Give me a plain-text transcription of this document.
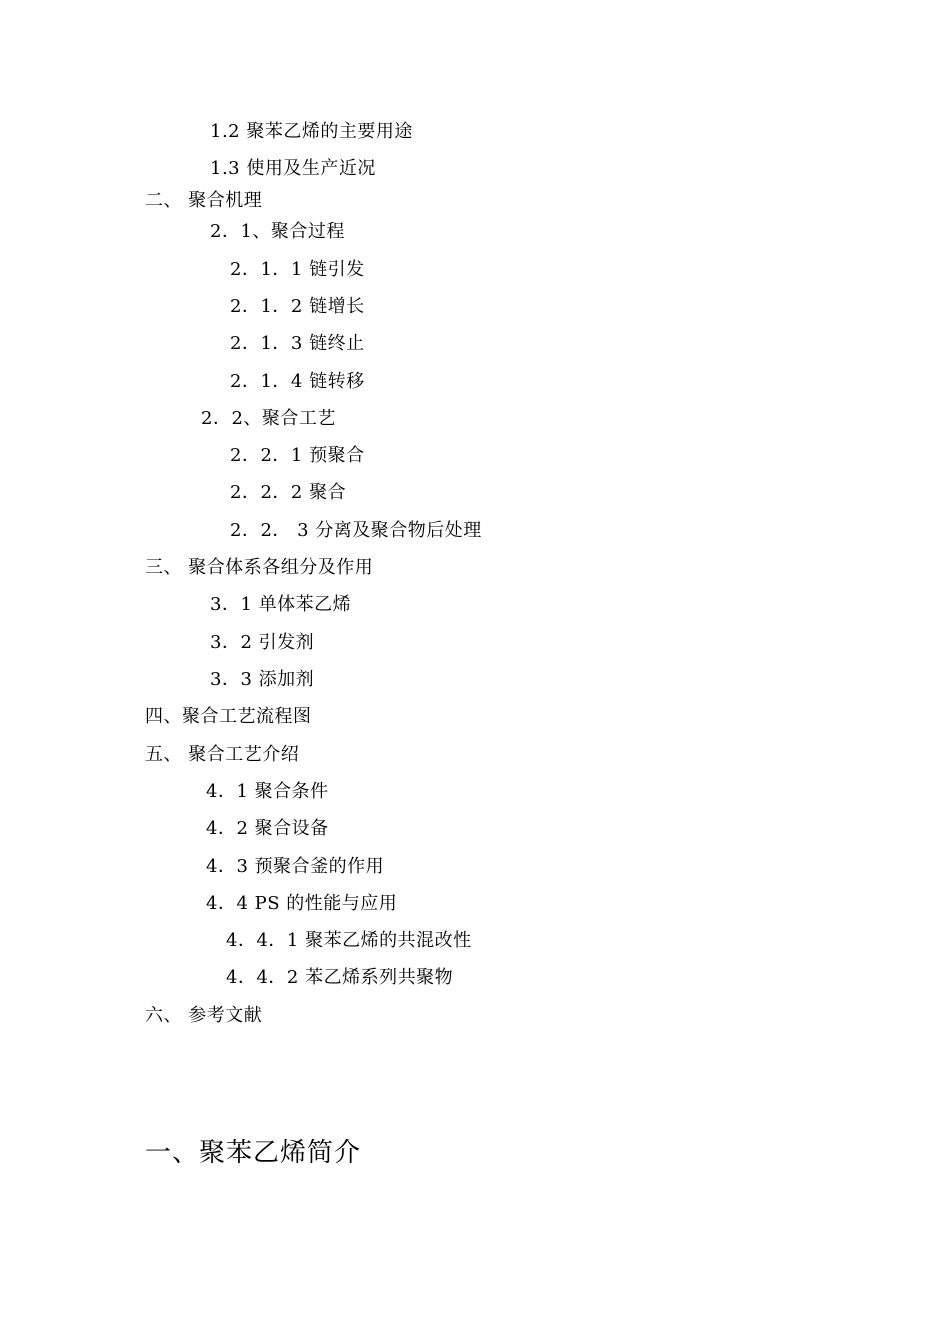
1.2 聚苯乙烯的主要用途
1.3 使用及生产近况
二、 聚合机理
2．1、聚合过程
2．1．1 链引发
2．1．2 链增长
2．1．3 链终止
2．1．4 链转移
2．2、聚合工艺
2．2．1 预聚合
2．2．2 聚合
2．2． 3 分离及聚合物后处理
三、 聚合体系各组分及作用
3．1 单体苯乙烯
3．2 引发剂
3．3 添加剂
四、聚合工艺流程图
五、 聚合工艺介绍
4．1 聚合条件
4．2 聚合设备
4．3 预聚合釜的作用
4．4 PS 的性能与应用
4．4．1 聚苯乙烯的共混改性
4．4．2 苯乙烯系列共聚物
六、 参考文献
一、聚苯乙烯简介
